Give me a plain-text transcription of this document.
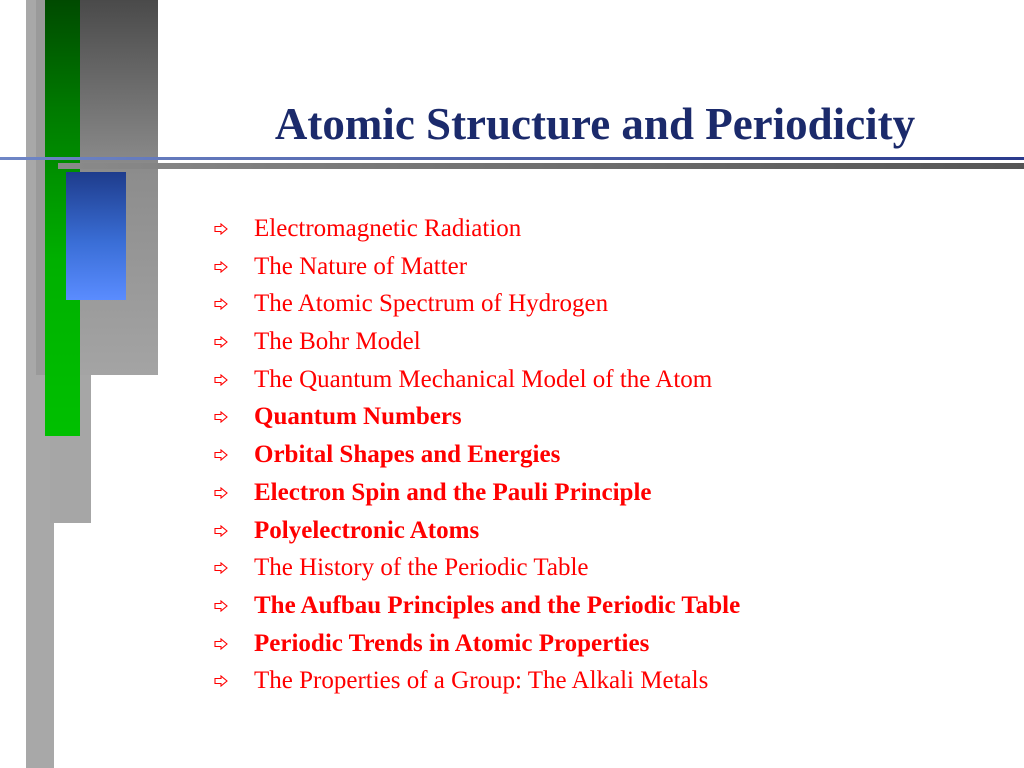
Atomic Structure and Periodicity
Electromagnetic Radiation
The Nature of Matter
The Atomic Spectrum of Hydrogen
The Bohr Model
The Quantum Mechanical Model of the Atom
Quantum Numbers
Orbital Shapes and Energies
Electron Spin and the Pauli Principle
Polyelectronic Atoms
The History of the Periodic Table
The Aufbau Principles and the Periodic Table
Periodic Trends in Atomic Properties
The Properties of a Group: The Alkali Metals
